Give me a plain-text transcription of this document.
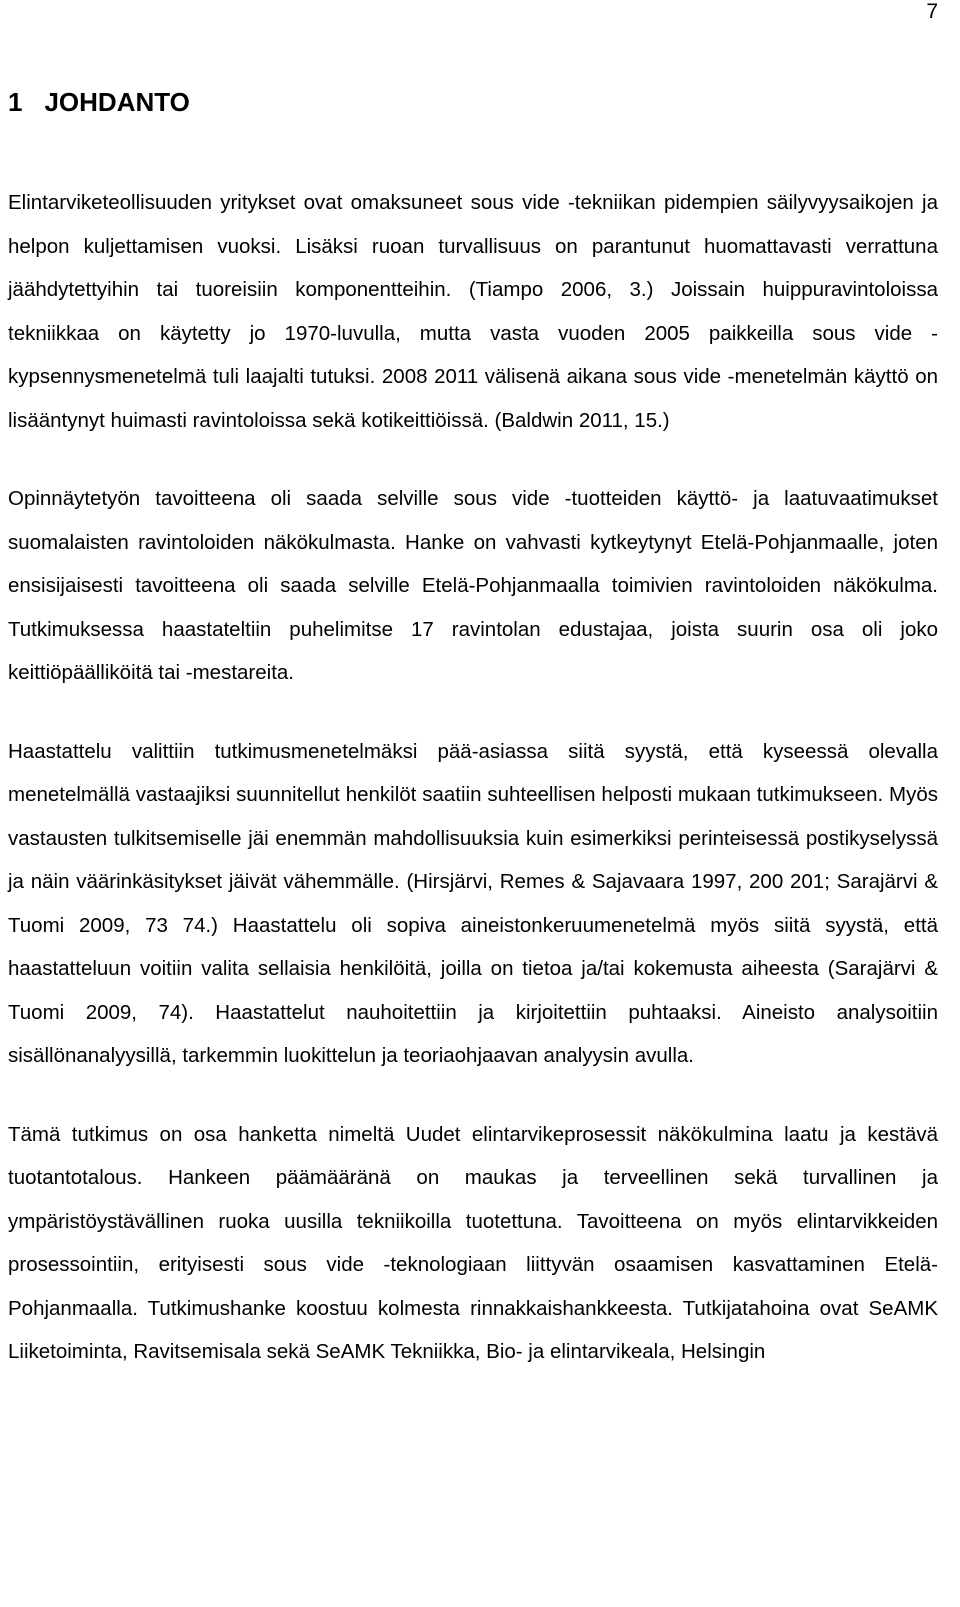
7
1 JOHDANTO

Elintarviketeollisuuden yritykset ovat omaksuneet sous vide -tekniikan pidempien säilyvyysaikojen ja helpon kuljettamisen vuoksi. Lisäksi ruoan turvallisuus on parantunut huomattavasti verrattuna jäähdytettyihin tai tuoreisiin komponentteihin. (Tiampo 2006, 3.) Joissain huippuravintoloissa tekniikkaa on käytetty jo 1970-luvulla, mutta vasta vuoden 2005 paikkeilla sous vide -kypsennysmenetelmä tuli laajalti tutuksi. 2008 2011 välisenä aikana sous vide -menetelmän käyttö on lisääntynyt huimasti ravintoloissa sekä kotikeittiöissä. (Baldwin 2011, 15.)

Opinnäytetyön tavoitteena oli saada selville sous vide -tuotteiden käyttö- ja laatuvaatimukset suomalaisten ravintoloiden näkökulmasta. Hanke on vahvasti kytkeytynyt Etelä-Pohjanmaalle, joten ensisijaisesti tavoitteena oli saada selville Etelä-Pohjanmaalla toimivien ravintoloiden näkökulma. Tutkimuksessa haastateltiin puhelimitse 17 ravintolan edustajaa, joista suurin osa oli joko keittiöpäälliköitä tai -mestareita.

Haastattelu valittiin tutkimusmenetelmäksi pää-asiassa siitä syystä, että kyseessä olevalla menetelmällä vastaajiksi suunnitellut henkilöt saatiin suhteellisen helposti mukaan tutkimukseen. Myös vastausten tulkitsemiselle jäi enemmän mahdollisuuksia kuin esimerkiksi perinteisessä postikyselyssä ja näin väärinkäsitykset jäivät vähemmälle. (Hirsjärvi, Remes & Sajavaara 1997, 200 201; Sarajärvi & Tuomi 2009, 73 74.) Haastattelu oli sopiva aineistonkeruumenetelmä myös siitä syystä, että haastatteluun voitiin valita sellaisia henkilöitä, joilla on tietoa ja/tai kokemusta aiheesta (Sarajärvi & Tuomi 2009, 74). Haastattelut nauhoitettiin ja kirjoitettiin puhtaaksi. Aineisto analysoitiin sisällönanalyysillä, tarkemmin luokittelun ja teoriaohjaavan analyysin avulla.

Tämä tutkimus on osa hanketta nimeltä Uudet elintarvikeprosessit näkökulmina laatu ja kestävä tuotantotalous. Hankeen päämääränä on maukas ja terveellinen sekä turvallinen ja ympäristöystävällinen ruoka uusilla tekniikoilla tuotettuna. Tavoitteena on myös elintarvikkeiden prosessointiin, erityisesti sous vide -teknologiaan liittyvän osaamisen kasvattaminen Etelä-Pohjanmaalla. Tutkimushanke koostuu kolmesta rinnakkaishankkeesta. Tutkijatahoina ovat SeAMK Liiketoiminta, Ravitsemisala sekä SeAMK Tekniikka, Bio- ja elintarvikeala, Helsingin
